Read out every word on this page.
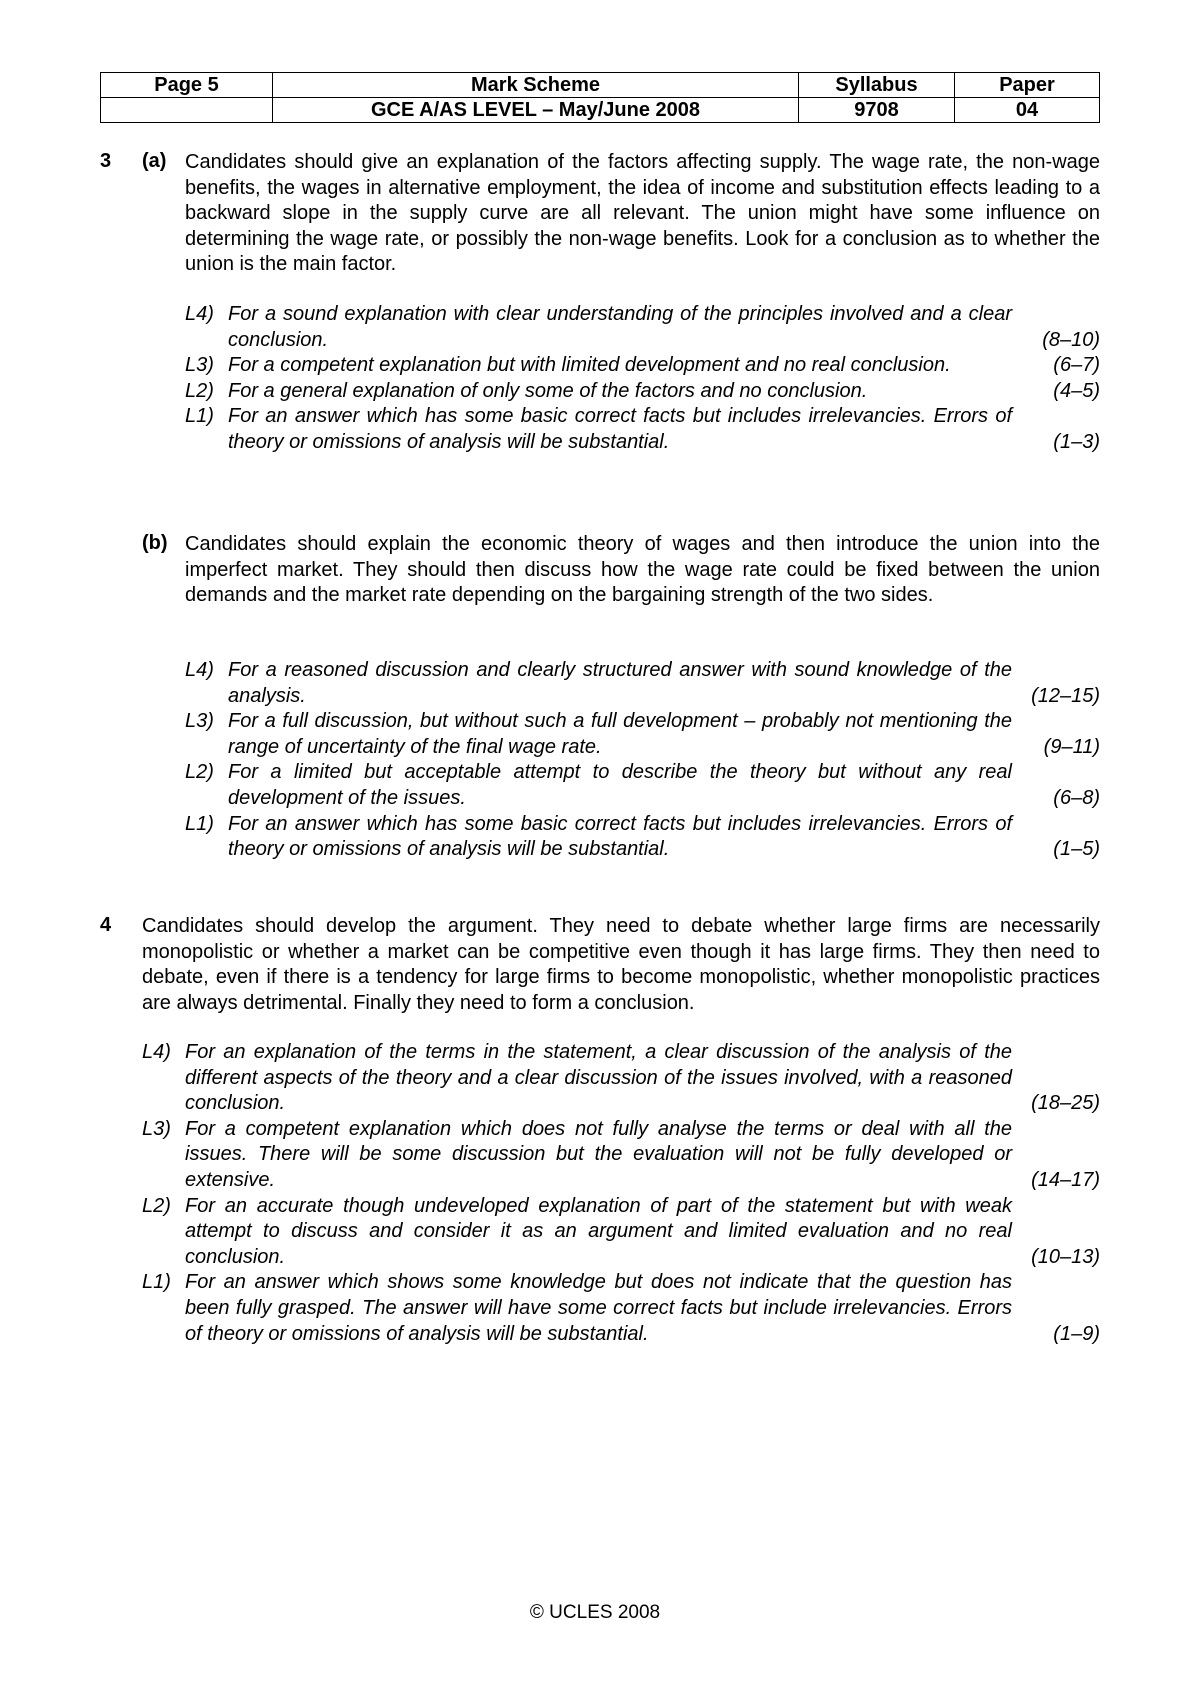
Page 5	Mark Scheme	Syllabus	Paper
	GCE A/AS LEVEL – May/June 2008	9708	04
3 (a) Candidates should give an explanation of the factors affecting supply. The wage rate, the non-wage benefits, the wages in alternative employment, the idea of income and substitution effects leading to a backward slope in the supply curve are all relevant. The union might have some influence on determining the wage rate, or possibly the non-wage benefits. Look for a conclusion as to whether the union is the main factor.

L4) For a sound explanation with clear understanding of the principles involved and a clear conclusion.	(8–10)
L3) For a competent explanation but with limited development and no real conclusion.	(6–7)
L2) For a general explanation of only some of the factors and no conclusion.	(4–5)
L1) For an answer which has some basic correct facts but includes irrelevancies. Errors of theory or omissions of analysis will be substantial.	(1–3)
(b) Candidates should explain the economic theory of wages and then introduce the union into the imperfect market. They should then discuss how the wage rate could be fixed between the union demands and the market rate depending on the bargaining strength of the two sides.

L4) For a reasoned discussion and clearly structured answer with sound knowledge of the analysis.	(12–15)
L3) For a full discussion, but without such a full development – probably not mentioning the range of uncertainty of the final wage rate.	(9–11)
L2) For a limited but acceptable attempt to describe the theory but without any real development of the issues.	(6–8)
L1) For an answer which has some basic correct facts but includes irrelevancies. Errors of theory or omissions of analysis will be substantial.	(1–5)
4 Candidates should develop the argument. They need to debate whether large firms are necessarily monopolistic or whether a market can be competitive even though it has large firms. They then need to debate, even if there is a tendency for large firms to become monopolistic, whether monopolistic practices are always detrimental. Finally they need to form a conclusion.

L4) For an explanation of the terms in the statement, a clear discussion of the analysis of the different aspects of the theory and a clear discussion of the issues involved, with a reasoned conclusion.	(18–25)
L3) For a competent explanation which does not fully analyse the terms or deal with all the issues. There will be some discussion but the evaluation will not be fully developed or extensive.	(14–17)
L2) For an accurate though undeveloped explanation of part of the statement but with weak attempt to discuss and consider it as an argument and limited evaluation and no real conclusion.	(10–13)
L1) For an answer which shows some knowledge but does not indicate that the question has been fully grasped. The answer will have some correct facts but include irrelevancies. Errors of theory or omissions of analysis will be substantial.	(1–9)
© UCLES 2008
